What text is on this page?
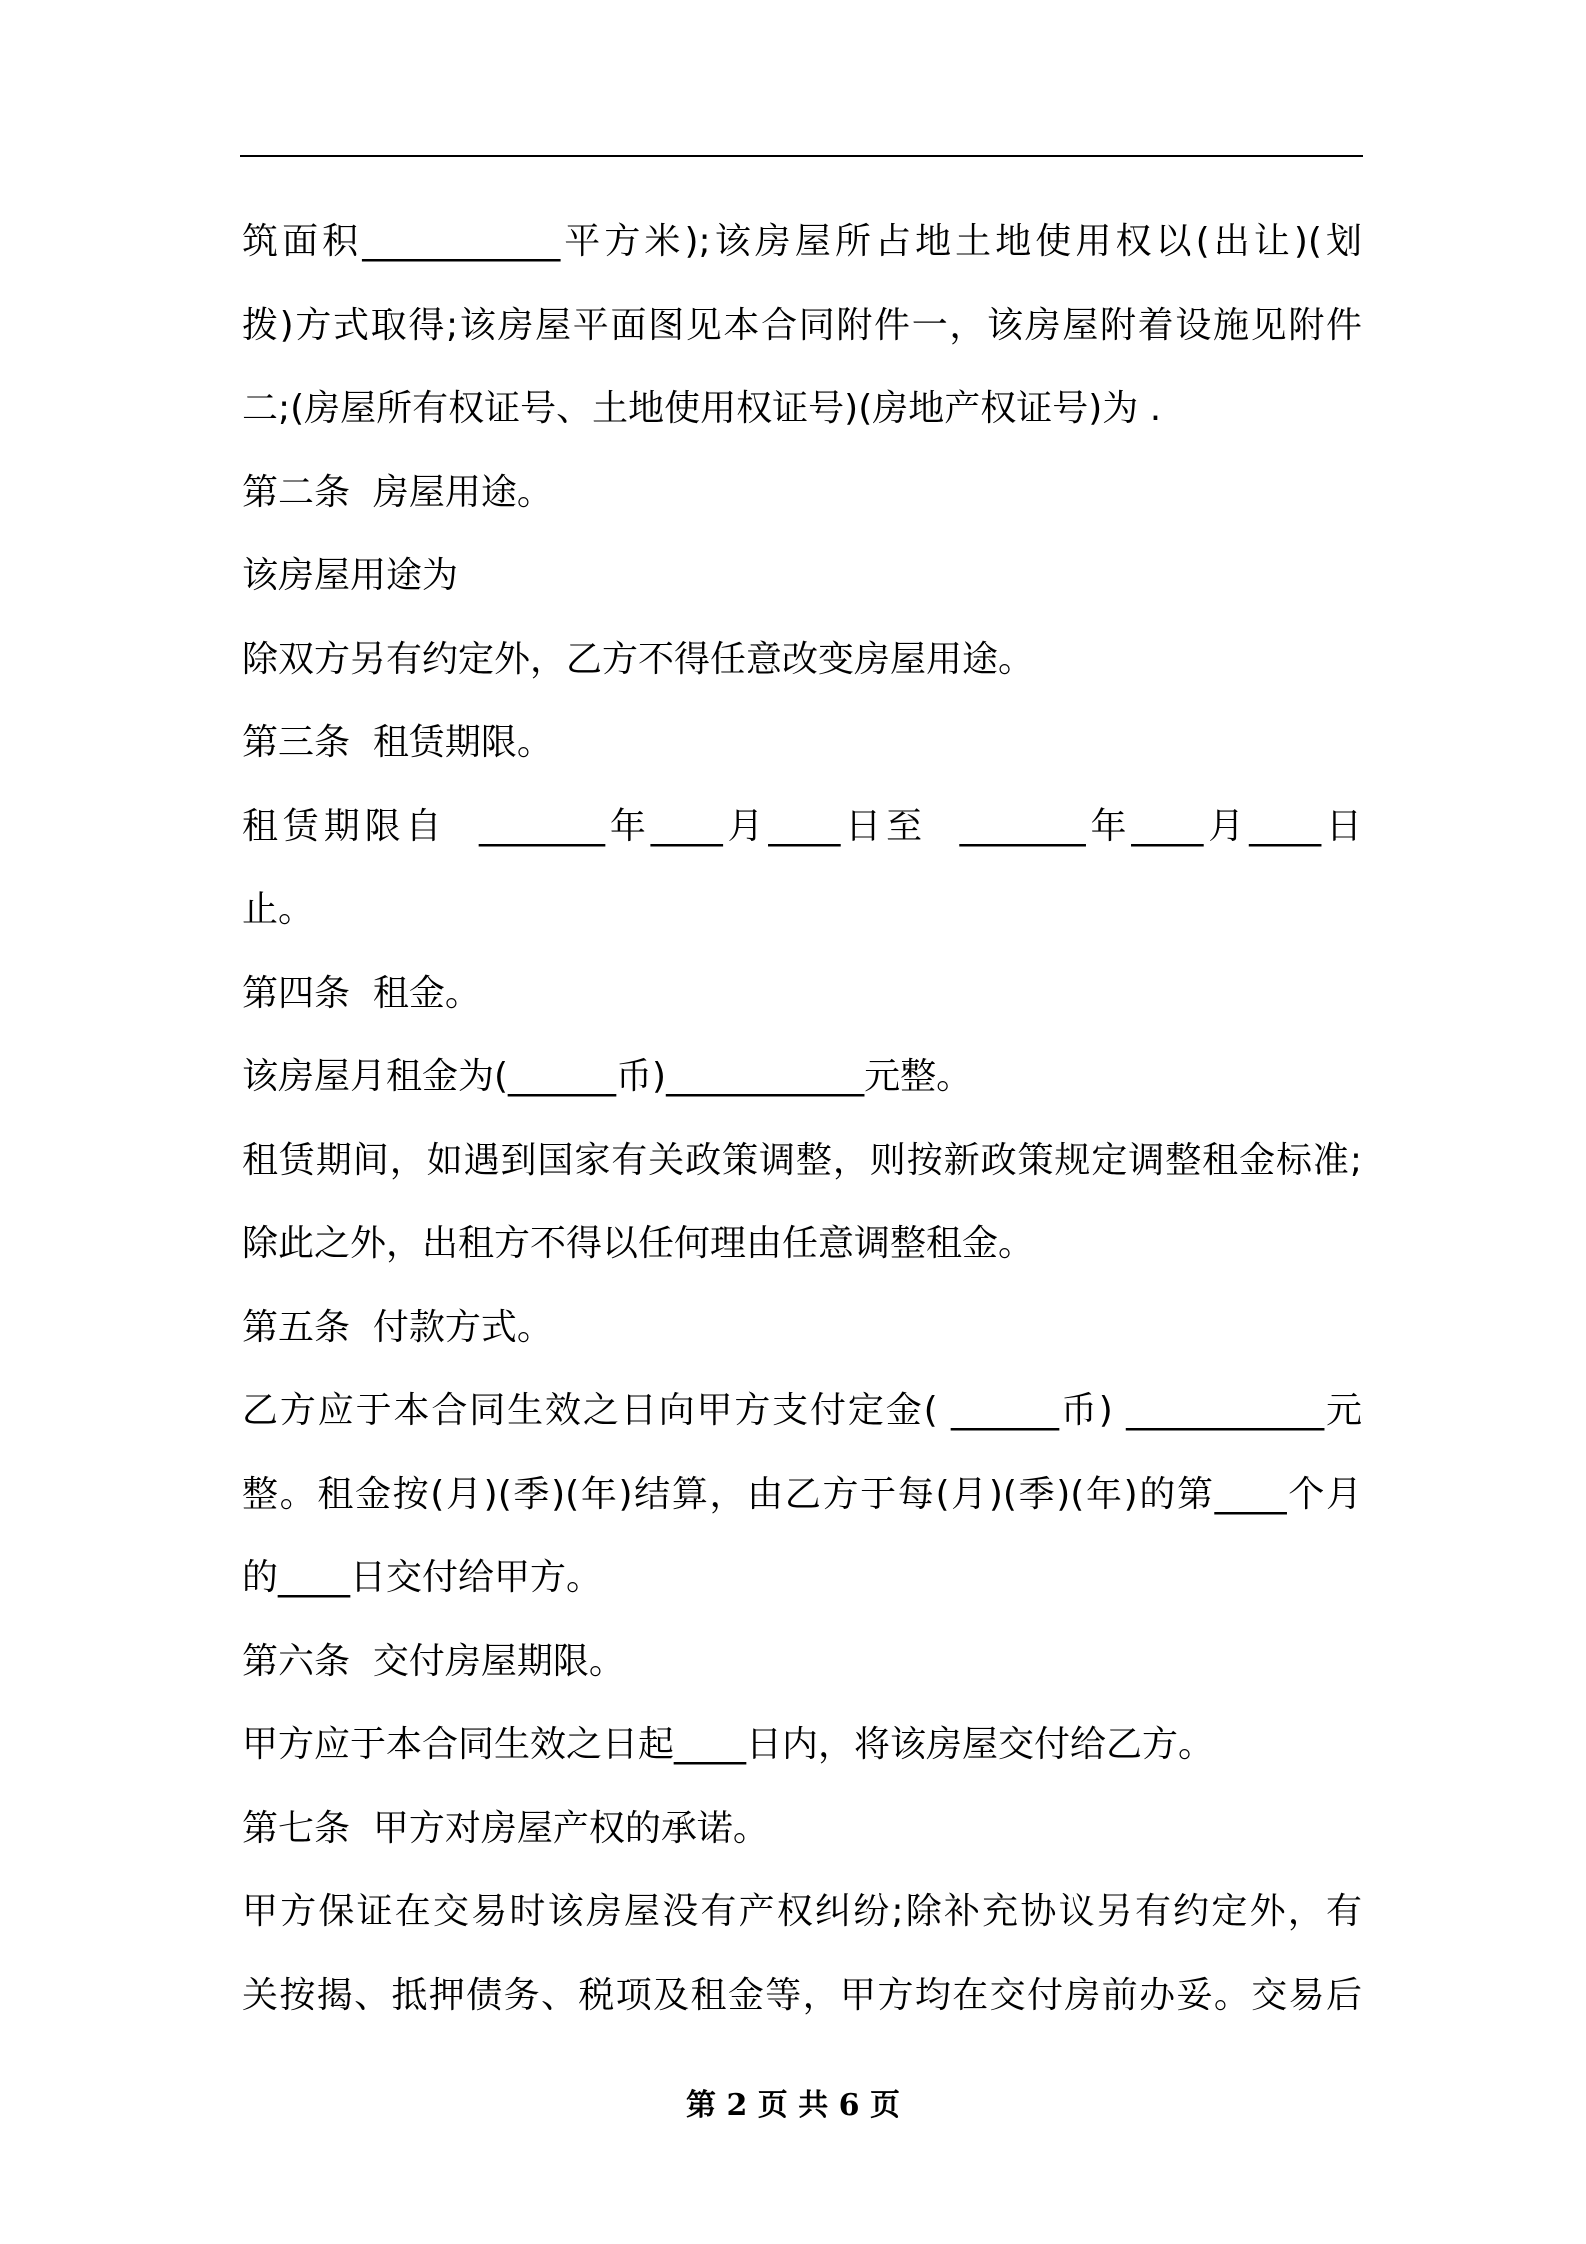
筑面积___________平方米);该房屋所占地土地使用权以(出让)(划
拨)方式取得;该房屋平面图见本合同附件一，该房屋附着设施见附件
二;(房屋所有权证号、土地使用权证号)(房地产权证号)为 .
第二条  房屋用途。
该房屋用途为
除双方另有约定外，乙方不得任意改变房屋用途。
第三条  租赁期限。
租赁期限自  _______年____月____日至  _______年____月____日
止。
第四条  租金。
该房屋月租金为(______币)___________元整。
租赁期间，如遇到国家有关政策调整，则按新政策规定调整租金标准;
除此之外，出租方不得以任何理由任意调整租金。
第五条  付款方式。
乙方应于本合同生效之日向甲方支付定金( ______币) ___________元
整。租金按(月)(季)(年)结算，由乙方于每(月)(季)(年)的第____个月
的____日交付给甲方。
第六条  交付房屋期限。
甲方应于本合同生效之日起____日内，将该房屋交付给乙方。
第七条  甲方对房屋产权的承诺。
甲方保证在交易时该房屋没有产权纠纷;除补充协议另有约定外，有
关按揭、抵押债务、税项及租金等，甲方均在交付房前办妥。交易后
第 2 页 共 6 页
